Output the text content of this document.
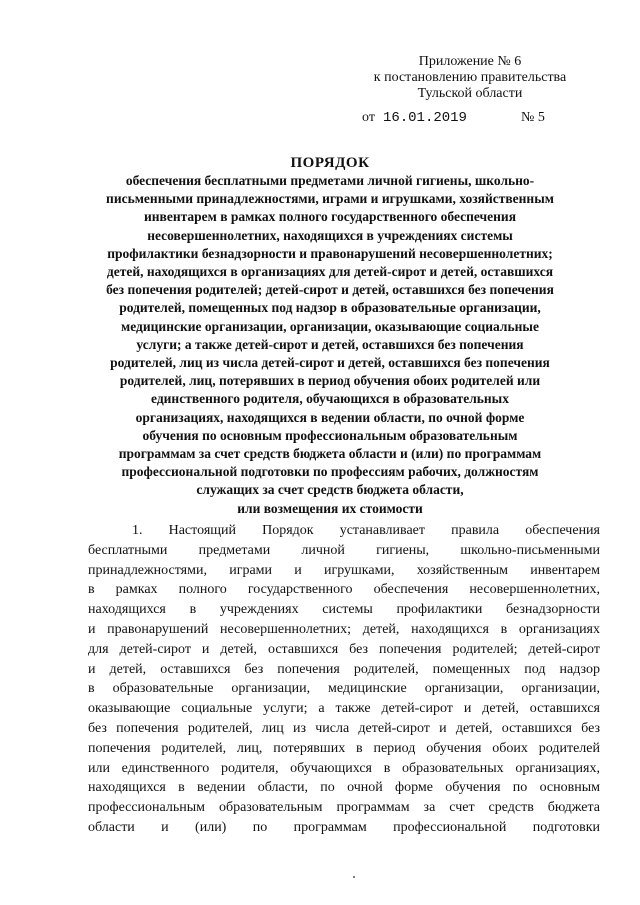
Приложение № 6
к постановлению правительства
Тульской области
от 16.01.2019	№ 5
ПОРЯДОК
обеспечения бесплатными предметами личной гигиены, школьно-
письменными принадлежностями, играми и игрушками, хозяйственным
инвентарем в рамках полного государственного обеспечения
несовершеннолетних, находящихся в учреждениях системы
профилактики безнадзорности и правонарушений несовершеннолетних;
детей, находящихся в организациях для детей-сирот и детей, оставшихся
без попечения родителей; детей-сирот и детей, оставшихся без попечения
родителей, помещенных под надзор в образовательные организации,
медицинские организации, организации, оказывающие социальные
услуги; а также детей-сирот и детей, оставшихся без попечения
родителей, лиц из числа детей-сирот и детей, оставшихся без попечения
родителей, лиц, потерявших в период обучения обоих родителей или
единственного родителя, обучающихся в образовательных
организациях, находящихся в ведении области, по очной форме
обучения по основным профессиональным образовательным
программам за счет средств бюджета области и (или) по программам
профессиональной подготовки по профессиям рабочих, должностям
служащих за счет средств бюджета области,
или возмещения их стоимости
1. Настоящий Порядок устанавливает правила обеспечения
бесплатными предметами личной гигиены, школьно-письменными
принадлежностями, играми и игрушками, хозяйственным инвентарем
в рамках полного государственного обеспечения несовершеннолетних,
находящихся в учреждениях системы профилактики безнадзорности
и правонарушений несовершеннолетних; детей, находящихся в организациях
для детей-сирот и детей, оставшихся без попечения родителей; детей-сирот
и детей, оставшихся без попечения родителей, помещенных под надзор
в образовательные организации, медицинские организации, организации,
оказывающие социальные услуги; а также детей-сирот и детей, оставшихся
без попечения родителей, лиц из числа детей-сирот и детей, оставшихся без
попечения родителей, лиц, потерявших в период обучения обоих родителей
или единственного родителя, обучающихся в образовательных организациях,
находящихся в ведении области, по очной форме обучения по основным
профессиональным образовательным программам за счет средств бюджета
области и (или) по программам профессиональной подготовки
